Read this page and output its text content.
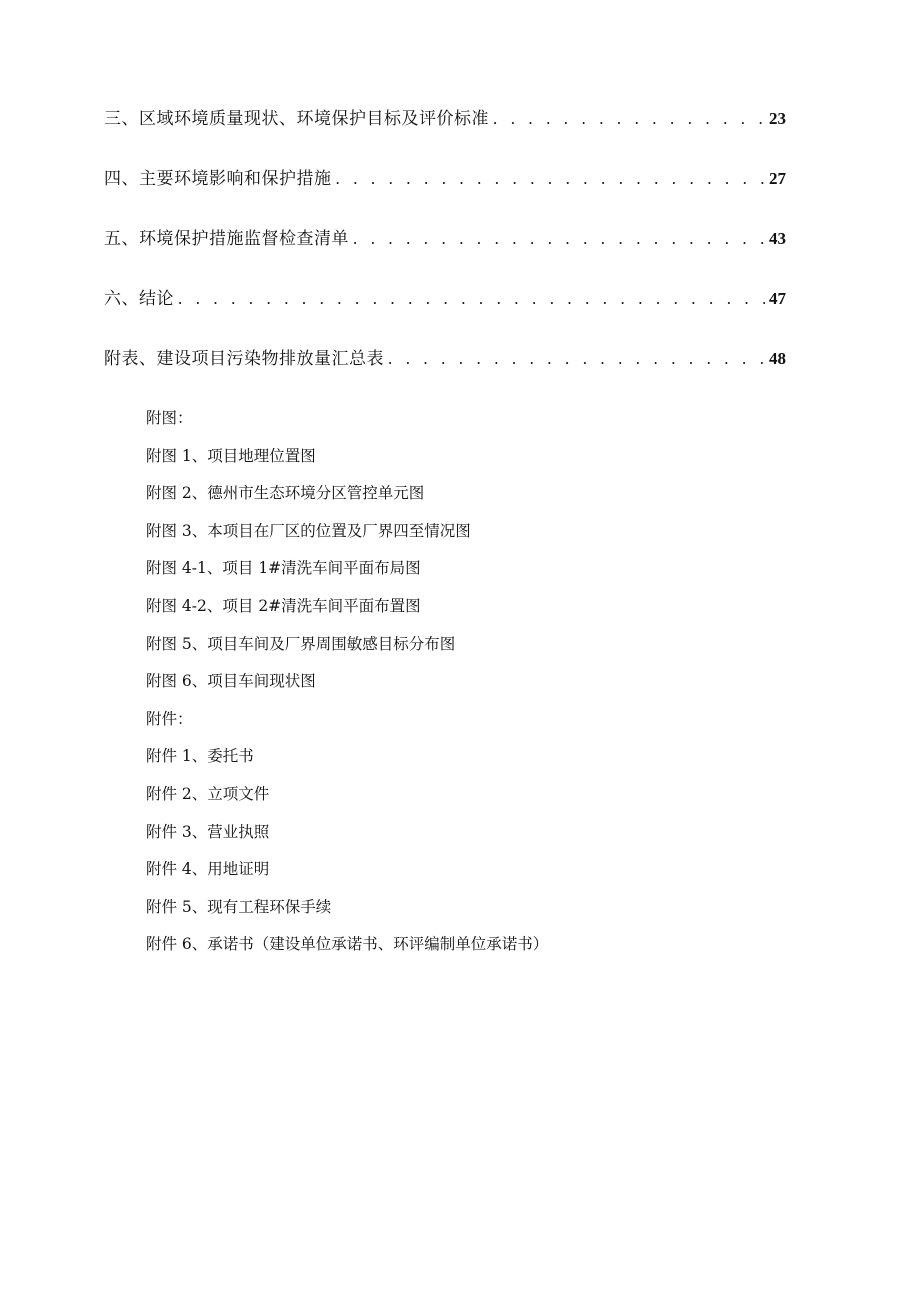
三、区域环境质量现状、环境保护目标及评价标准 . . .	23
四、主要环境影响和保护措施 . . .	27
五、环境保护措施监督检查清单 . . .	43
六、结论 . . .	47
附表、建设项目污染物排放量汇总表 . . .	48
附图：
附图 1、项目地理位置图
附图 2、德州市生态环境分区管控单元图
附图 3、本项目在厂区的位置及厂界四至情况图
附图 4-1、项目 1#清洗车间平面布局图
附图 4-2、项目 2#清洗车间平面布置图
附图 5、项目车间及厂界周围敏感目标分布图
附图 6、项目车间现状图
附件：
附件 1、委托书
附件 2、立项文件
附件 3、营业执照
附件 4、用地证明
附件 5、现有工程环保手续
附件 6、承诺书（建设单位承诺书、环评编制单位承诺书）
